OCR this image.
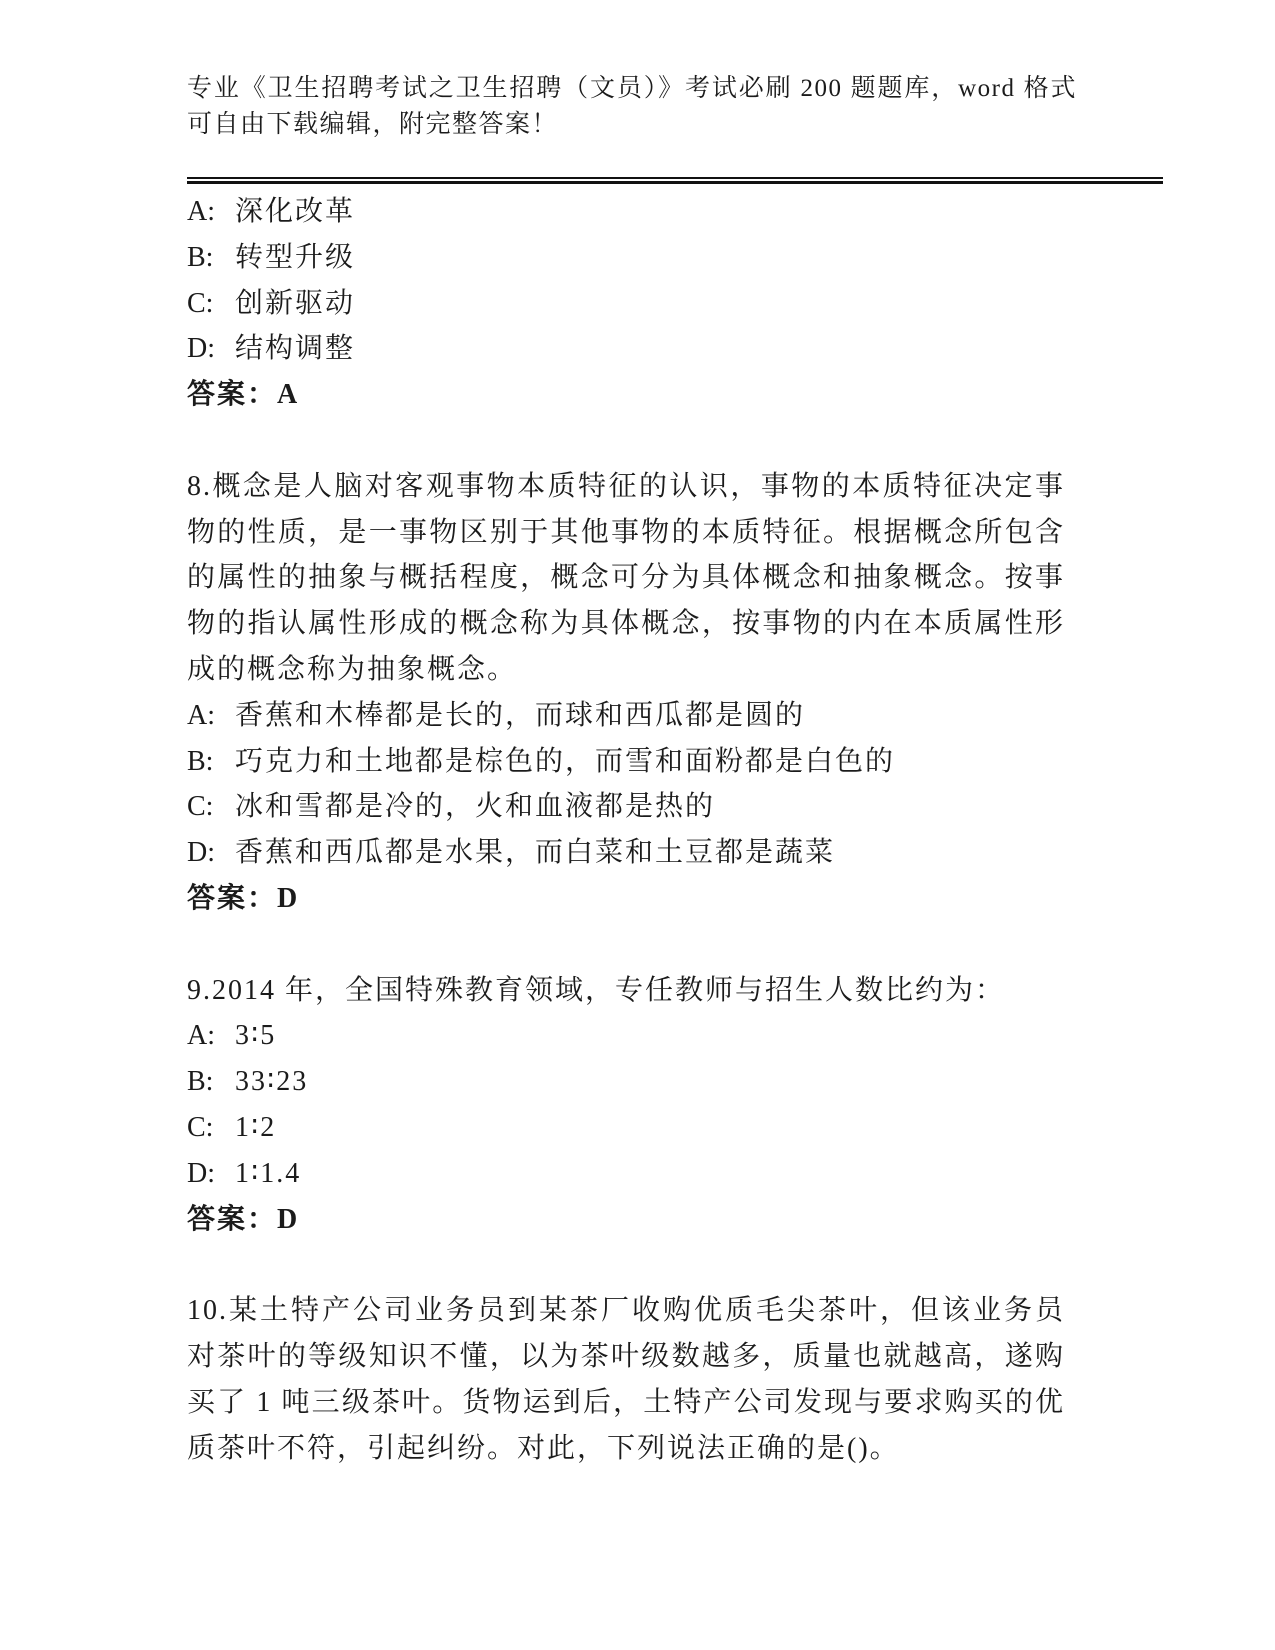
专业《卫生招聘考试之卫生招聘（文员）》考试必刷 200 题题库，word 格式可自由下载编辑，附完整答案！
A: 深化改革
B: 转型升级
C: 创新驱动
D: 结构调整

答案：A

8.概念是人脑对客观事物本质特征的认识，事物的本质特征决定事物的性质，是一事物区别于其他事物的本质特征。根据概念所包含的属性的抽象与概括程度，概念可分为具体概念和抽象概念。按事物的指认属性形成的概念称为具体概念，按事物的内在本质属性形成的概念称为抽象概念。

A: 香蕉和木棒都是长的，而球和西瓜都是圆的
B: 巧克力和土地都是棕色的，而雪和面粉都是白色的
C: 冰和雪都是冷的，火和血液都是热的
D: 香蕉和西瓜都是水果，而白菜和土豆都是蔬菜

答案：D

9.2014 年，全国特殊教育领域，专任教师与招生人数比约为：

A: 3∶5
B: 33∶23
C: 1∶2
D: 1∶1.4

答案：D

10.某土特产公司业务员到某茶厂收购优质毛尖茶叶，但该业务员对茶叶的等级知识不懂，以为茶叶级数越多，质量也就越高，遂购买了 1 吨三级茶叶。货物运到后，土特产公司发现与要求购买的优质茶叶不符，引起纠纷。对此，下列说法正确的是()。
